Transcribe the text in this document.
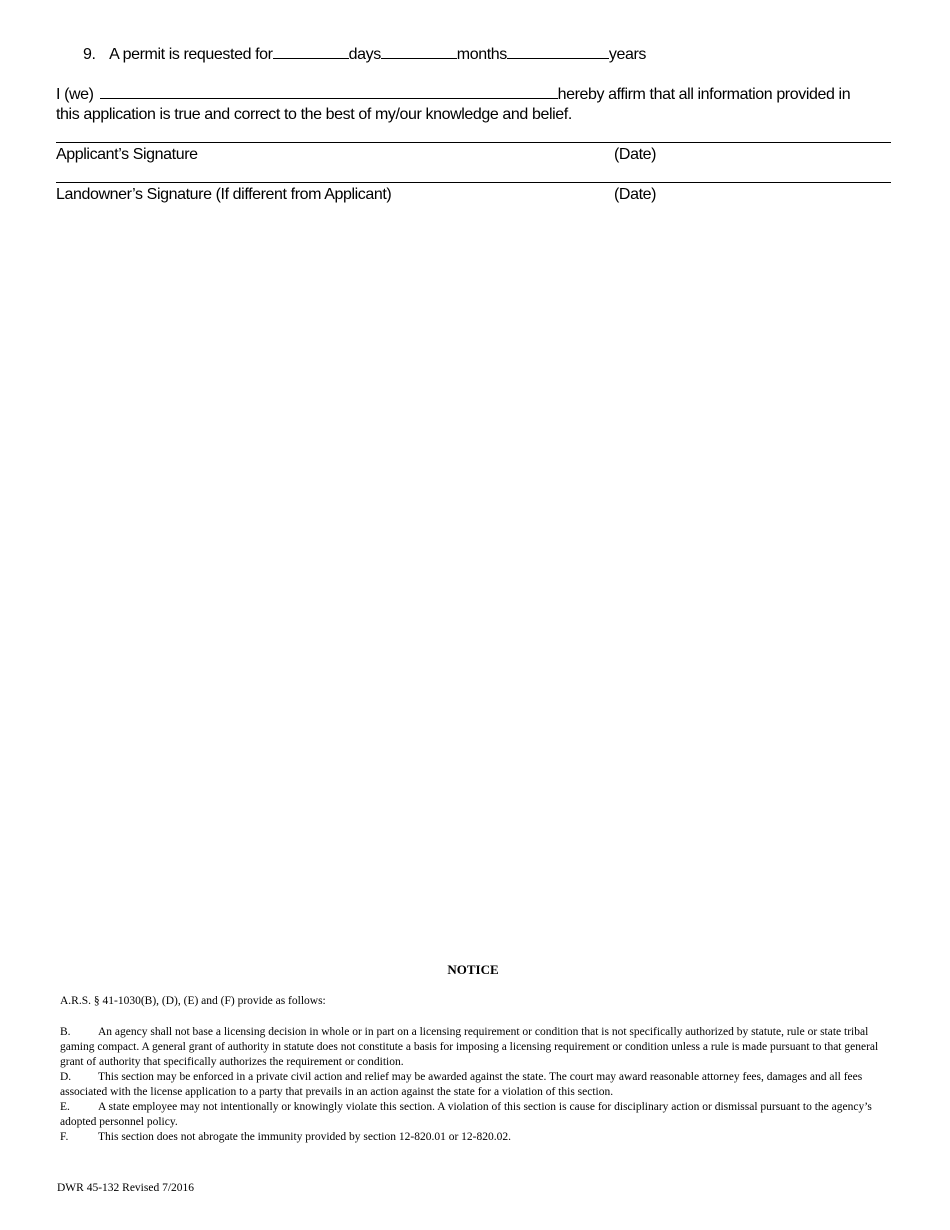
9. A permit is requested for	days	months	years
I (we)	hereby affirm that all information provided in
this application is true and correct to the best of my/our knowledge and belief.
Applicant’s Signature	(Date)
Landowner’s Signature (If different from Applicant)	(Date)
NOTICE
A.R.S. § 41-1030(B), (D), (E) and (F) provide as follows:

B. An agency shall not base a licensing decision in whole or in part on a licensing requirement or condition that is not specifically authorized by statute, rule or state tribal gaming compact. A general grant of authority in statute does not constitute a basis for imposing a licensing requirement or condition unless a rule is made pursuant to that general grant of authority that specifically authorizes the requirement or condition.

D. This section may be enforced in a private civil action and relief may be awarded against the state. The court may award reasonable attorney fees, damages and all fees associated with the license application to a party that prevails in an action against the state for a violation of this section.

E. A state employee may not intentionally or knowingly violate this section. A violation of this section is cause for disciplinary action or dismissal pursuant to the agency’s adopted personnel policy.

F.	This section does not abrogate the immunity provided by section 12-820.01 or 12-820.02.

DWR 45-132 Revised 7/2016
